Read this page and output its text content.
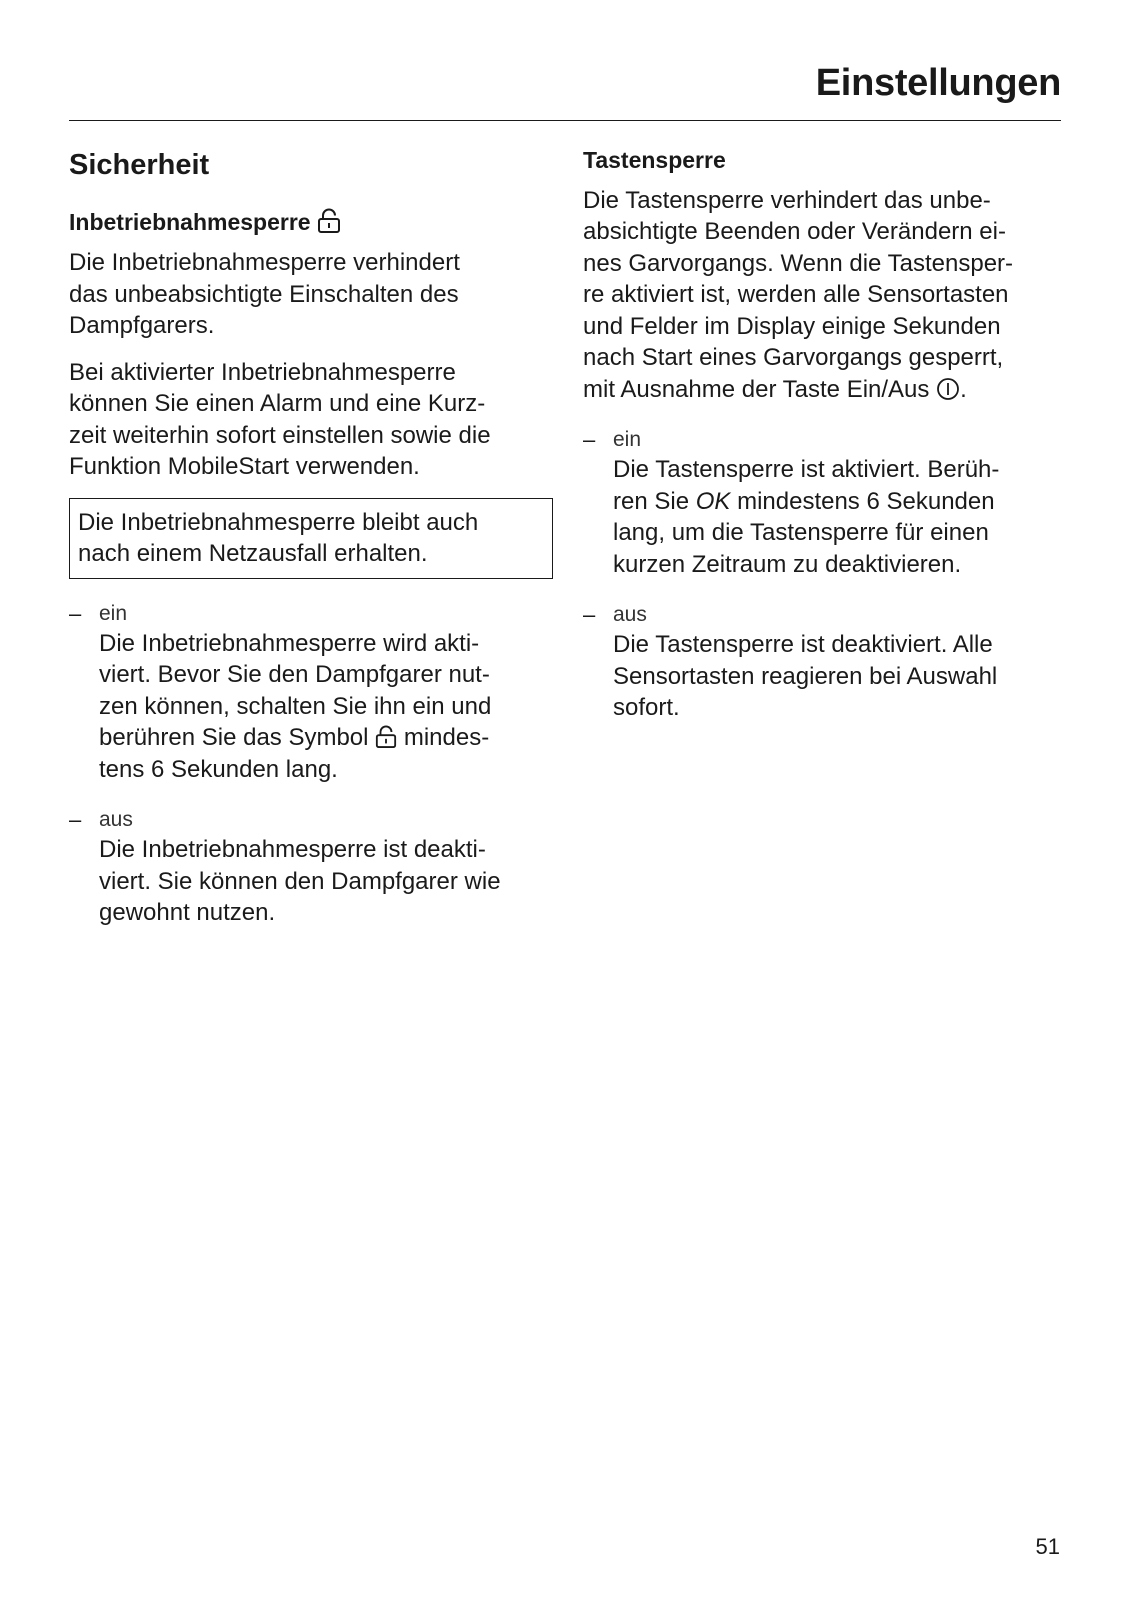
Einstellungen
Sicherheit
Inbetriebnahmesperre

Die Inbetriebnahmesperre verhindert
das unbeabsichtigte Einschalten des
Dampfgarers.

Bei aktivierter Inbetriebnahmesperre
können Sie einen Alarm und eine Kurz-
zeit weiterhin sofort einstellen sowie die
Funktion MobileStart verwenden.

Die Inbetriebnahmesperre bleibt auch
nach einem Netzausfall erhalten.

– ein

Die Inbetriebnahmesperre wird akti-
viert. Bevor Sie den Dampfgarer nut-
zen können, schalten Sie ihn ein und
berühren Sie das Symbol mindes-
tens 6 Sekunden lang.

– aus

Die Inbetriebnahmesperre ist deakti-
viert. Sie können den Dampfgarer wie
gewohnt nutzen.

Tastensperre

Die Tastensperre verhindert das unbe-
absichtigte Beenden oder Verändern ei-
nes Garvorgangs. Wenn die Tastensper-
re aktiviert ist, werden alle Sensortasten
und Felder im Display einige Sekunden
nach Start eines Garvorgangs gesperrt,
mit Ausnahme der Taste Ein/Aus .

– ein

Die Tastensperre ist aktiviert. Berüh-
ren Sie OK mindestens 6 Sekunden
lang, um die Tastensperre für einen
kurzen Zeitraum zu deaktivieren.

– aus

Die Tastensperre ist deaktiviert. Alle
Sensortasten reagieren bei Auswahl
sofort.

51
